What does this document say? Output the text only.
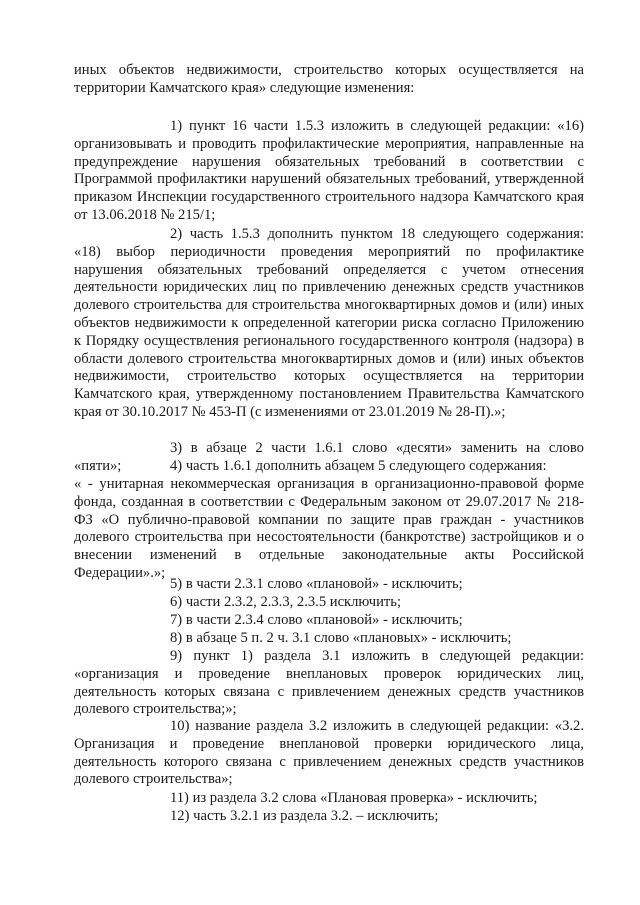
иных объектов недвижимости, строительство которых осуществляется на территории Камчатского края» следующие изменения:
1) пункт 16 части 1.5.3 изложить в следующей редакции: «16) организовывать и проводить профилактические мероприятия, направленные на предупреждение нарушения обязательных требований в соответствии с Программой профилактики нарушений обязательных требований, утвержденной приказом Инспекции государственного строительного надзора Камчатского края от 13.06.2018 № 215/1;
2) часть 1.5.3 дополнить пунктом 18 следующего содержания: «18) выбор периодичности проведения мероприятий по профилактике нарушения обязательных требований определяется с учетом отнесения деятельности юридических лиц по привлечению денежных средств участников долевого строительства для строительства многоквартирных домов и (или) иных объектов недвижимости к определенной категории риска согласно Приложению к Порядку осуществления регионального государственного контроля (надзора) в области долевого строительства многоквартирных домов и (или) иных объектов недвижимости, строительство которых осуществляется на территории Камчатского края, утвержденному постановлением Правительства Камчатского края от 30.10.2017 № 453-П (с изменениями от 23.01.2019 № 28-П).»;
3) в абзаце 2 части 1.6.1 слово «десяти» заменить на слово «пяти»;	4) часть 1.6.1 дополнить абзацем 5 следующего содержания:
« - унитарная некоммерческая организация в организационно-правовой форме фонда, созданная в соответствии с Федеральным законом от 29.07.2017 № 218-ФЗ «О публично-правовой компании по защите прав граждан - участников долевого строительства при несостоятельности (банкротстве) застройщиков и о внесении изменений в отдельные законодательные акты Российской Федерации».»;
5) в части 2.3.1 слово «плановой» - исключить;
6) части 2.3.2, 2.3.3, 2.3.5 исключить;
7) в части 2.3.4 слово «плановой» - исключить;
8) в абзаце 5 п. 2 ч. 3.1 слово «плановых» - исключить;
9) пункт 1) раздела 3.1 изложить в следующей редакции: «организация и проведение внеплановых проверок юридических лиц, деятельность которых связана с привлечением денежных средств участников долевого строительства;»;
10) название раздела 3.2 изложить в следующей редакции: «3.2. Организация и проведение внеплановой проверки юридического лица, деятельность которого связана с привлечением денежных средств участников долевого строительства»;
11) из раздела 3.2 слова «Плановая проверка» - исключить;
12) часть 3.2.1 из раздела 3.2. – исключить;
